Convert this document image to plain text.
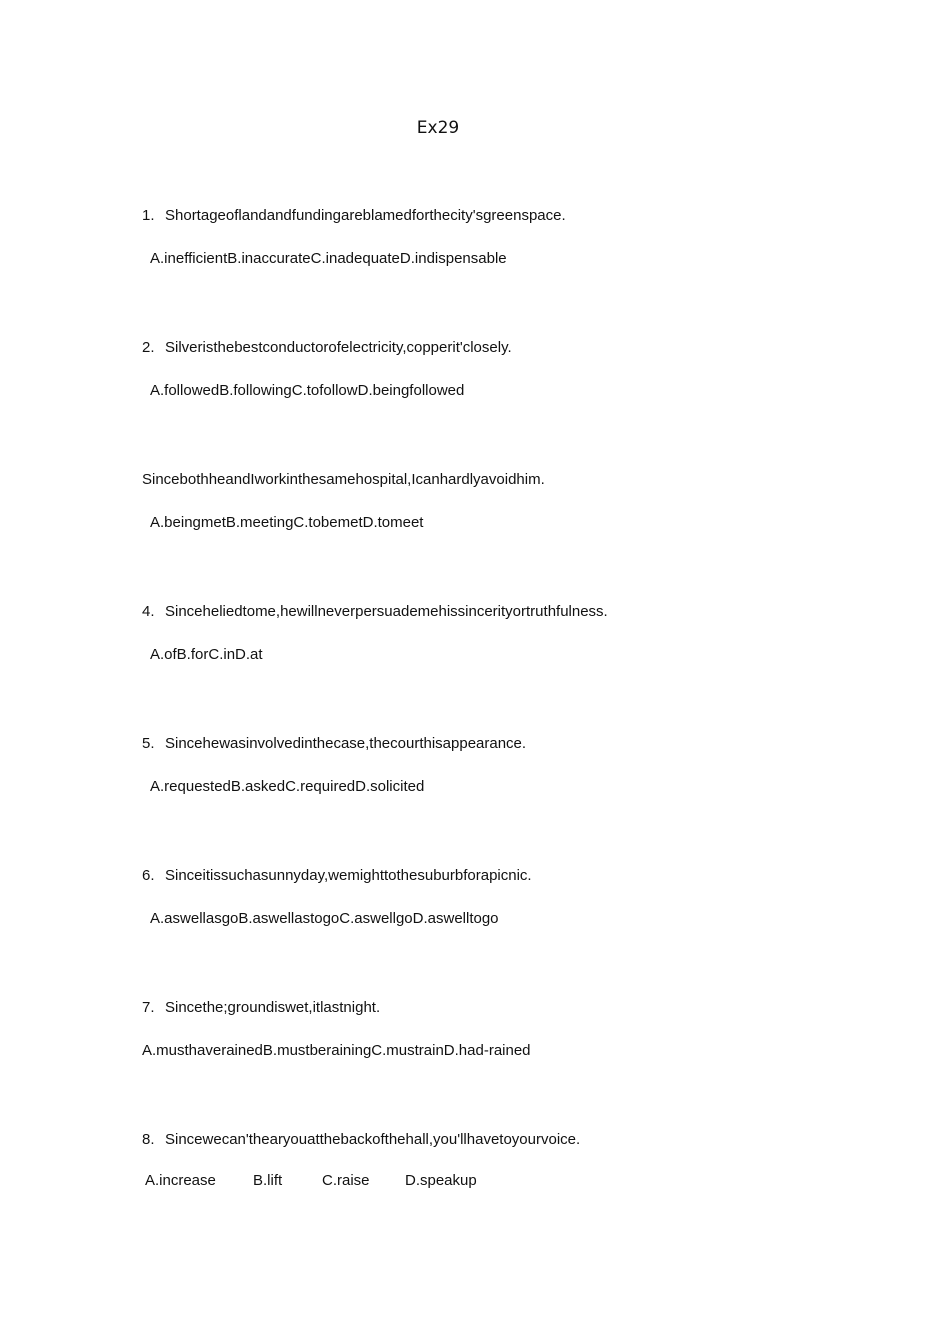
Ex29
1. Shortageoflandandfundingareblamedforthecity'sgreenspace.
A.inefficientB.inaccurateC.inadequateD.indispensable
2. Silveristhebestconductorofelectricity,copperit'closely.
A.followedB.followingC.tofollowD.beingfollowed
SincebothheandIworkinthesamehospital,Icanhardlyavoidhim.
A.beingmetB.meetingC.tobemetD.tomeet
4. Sinceheliedtome,hewillneverpersuademehissincerityortruthfulness.
A.ofB.forC.inD.at
5. Sincehewasinvolvedinthecase,thecourthisappearance.
A.requestedB.askedC.requiredD.solicited
6. Sinceitissuchasunnyday,wemighttothesuburbforapicnic.
A.aswellasgoB.aswellastogoC.aswellgoD.aswelltogo
7. Sincethe;groundiswet,itlastnight.
A.musthaverainedB.mustberainingC.mustrainD.had-rained
8. Sincewecan'thearyouatthebackofthehall,you'llhavetoyourvoice.
A.increase B.lift	C.raise D.speakup
